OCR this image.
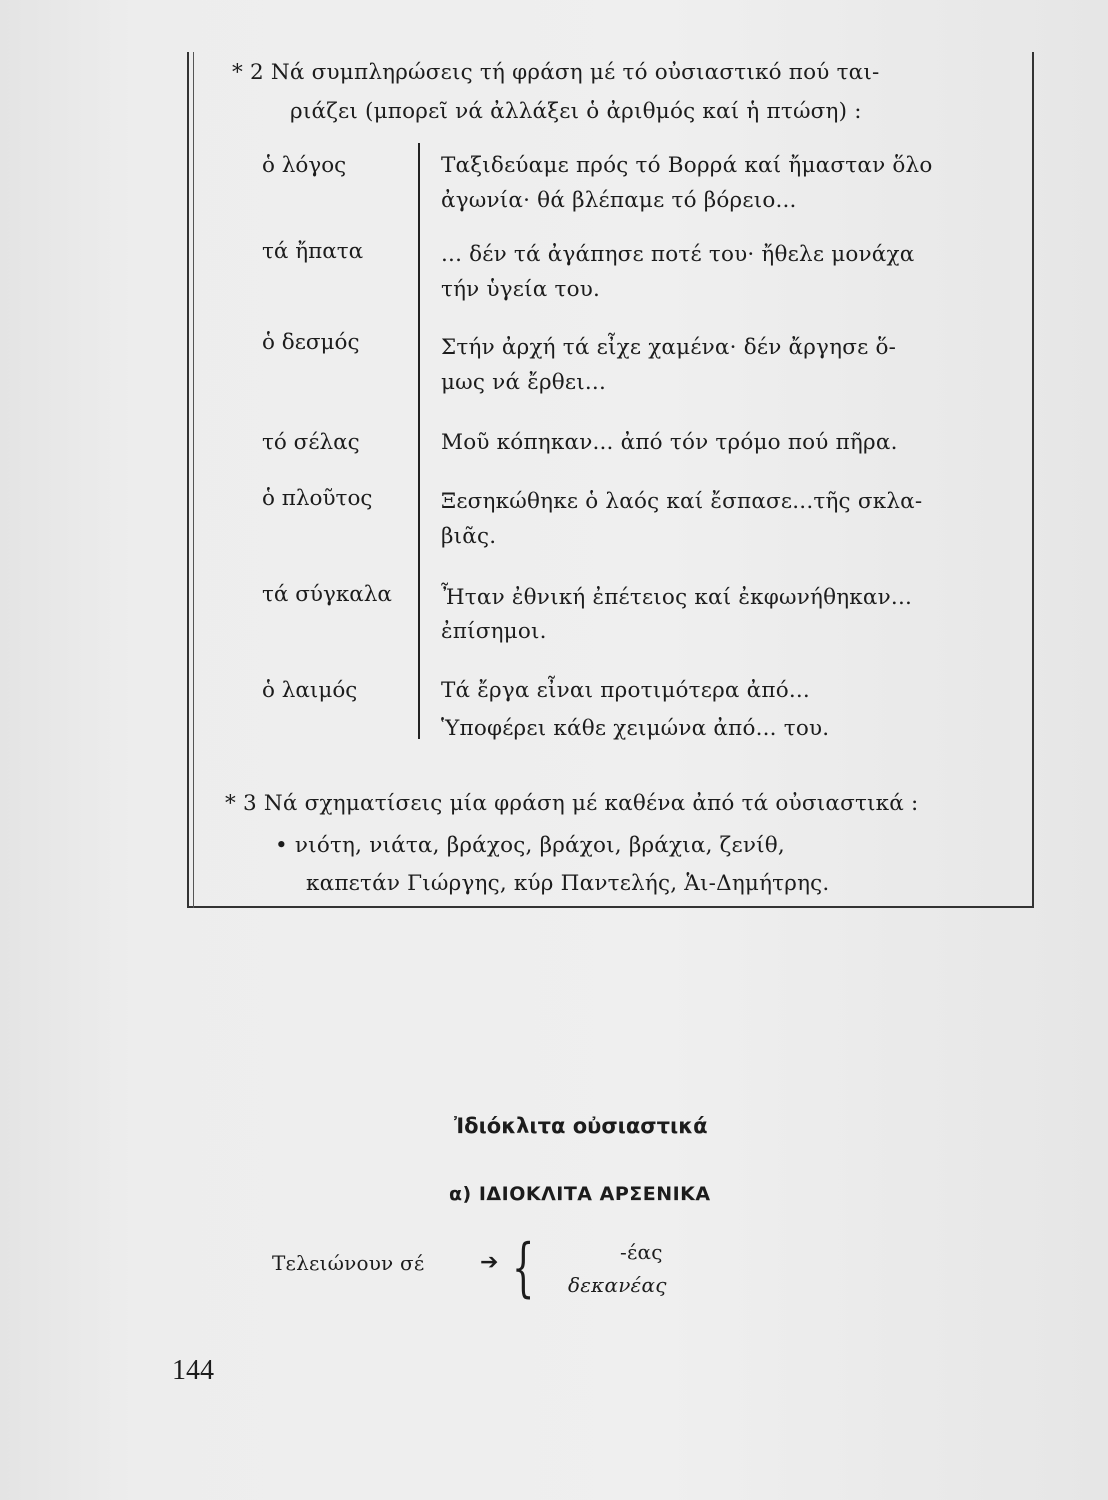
* 2 Νά συμπληρώσεις τή φράση μέ τό οὐσιαστικό πού ται-
ριάζει (μπορεῖ νά ἀλλάξει ὁ ἀριθμός καί ἡ πτώση) :
ὁ λόγος	Ταξιδεύαμε πρός τό Βορρά καί ἤμασταν ὅλο
ἀγωνία· θά βλέπαμε τό βόρειο...
τά ἤπατα	... δέν τά ἀγάπησε ποτέ του· ἤθελε μονάχα
τήν ὑγεία του.
ὁ δεσμός	Στήν ἀρχή τά εἶχε χαμένα· δέν ἄργησε ὅ-
μως νά ἔρθει...
τό σέλας	Μοῦ κόπηκαν... ἀπό τόν τρόμο πού πῆρα.
ὁ πλοῦτος	Ξεσηκώθηκε ὁ λαός καί ἔσπασε...τῆς σκλα-
βιᾶς.
τά σύγκαλα Ἦταν ἐθνική ἐπέτειος καί ἐκφωνήθηκαν...
ἐπίσημοι.
ὁ λαιμός	Τά ἔργα εἶναι προτιμότερα ἀπό...
Ὑποφέρει κάθε χειμώνα ἀπό... του.
* 3 Νά σχηματίσεις μία φράση μέ καθένα ἀπό τά οὐσιαστικά :
• νιότη, νιάτα, βράχος, βράχοι, βράχια, ζενίθ,
καπετάν Γιώργης, κύρ Παντελής, Ἁι-Δημήτρης.
Ἰδιόκλιτα οὐσιαστικά
α) ΙΔΙΟΚΛΙΤΑ ΑΡΣΕΝΙΚΑ
Τελειώνουν σέ	➔ {	-έας
δεκανέας
144
